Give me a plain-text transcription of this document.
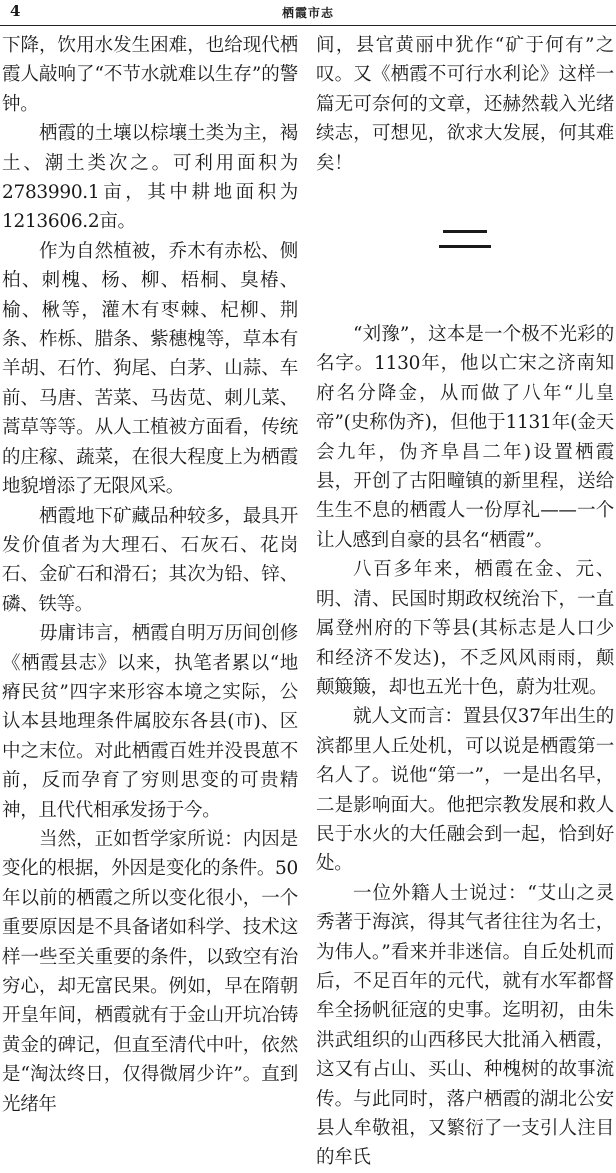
4	栖霞市志

下降，饮用水发生困难，也给现代栖霞人敲响了“不节水就难以生存”的警钟。

栖霞的土壤以棕壤土类为主，褐土、潮土类次之。可利用面积为2783990.1亩，其中耕地面积为1213606.2亩。

作为自然植被，乔木有赤松、侧柏、刺槐、杨、柳、梧桐、臭椿、榆、楸等，灌木有枣棘、杞柳、荆条、柞栎、腊条、紫穗槐等，草本有羊胡、石竹、狗尾、白茅、山蒜、车前、马唐、苦菜、马齿苋、刺儿菜、蒿草等等。从人工植被方面看，传统的庄稼、蔬菜，在很大程度上为栖霞地貌增添了无限风采。

栖霞地下矿藏品种较多，最具开发价值者为大理石、石灰石、花岗石、金矿石和滑石；其次为铅、锌、磷、铁等。

毋庸讳言，栖霞自明万历间创修《栖霞县志》以来，执笔者累以“地瘠民贫”四字来形容本境之实际，公认本县地理条件属胶东各县(市)、区中之末位。对此栖霞百姓并没畏葸不前，反而孕育了穷则思变的可贵精神，且代代相承发扬于今。

当然，正如哲学家所说：内因是变化的根据，外因是变化的条件。50年以前的栖霞之所以变化很小，一个重要原因是不具备诸如科学、技术这样一些至关重要的条件，以致空有治穷心，却无富民果。例如，早在隋朝开皇年间，栖霞就有于金山开坑冶铸黄金的碑记，但直至清代中叶，依然是“淘汰终日，仅得微屑少许”。直到光绪年

间，县官黄丽中犹作“矿于何有”之叹。又《栖霞不可行水利论》这样一篇无可奈何的文章，还赫然载入光绪续志，可想见，欲求大发展，何其难矣！

“刘豫”，这本是一个极不光彩的名字。1130年，他以亡宋之济南知府名分降金，从而做了八年“儿皇帝”(史称伪齐)，但他于1131年(金天会九年，伪齐阜昌二年)设置栖霞县，开创了古阳疃镇的新里程，送给生生不息的栖霞人一份厚礼——一个让人感到自豪的县名“栖霞”。

八百多年来，栖霞在金、元、明、清、民国时期政权统治下，一直属登州府的下等县(其标志是人口少和经济不发达)，不乏风风雨雨，颠颠簸簸，却也五光十色，蔚为壮观。

就人文而言：置县仅37年出生的滨都里人丘处机，可以说是栖霞第一名人了。说他“第一”，一是出名早，二是影响面大。他把宗教发展和救人民于水火的大任融会到一起，恰到好处。

一位外籍人士说过：“艾山之灵秀著于海滨，得其气者往往为名士，为伟人。”看来并非迷信。自丘处机而后，不足百年的元代，就有水军都督牟全扬帆征寇的史事。迄明初，由朱洪武组织的山西移民大批涌入栖霞，这又有占山、买山、种槐树的故事流传。与此同时，落户栖霞的湖北公安县人牟敬祖，又繁衍了一支引人注目的牟氏
